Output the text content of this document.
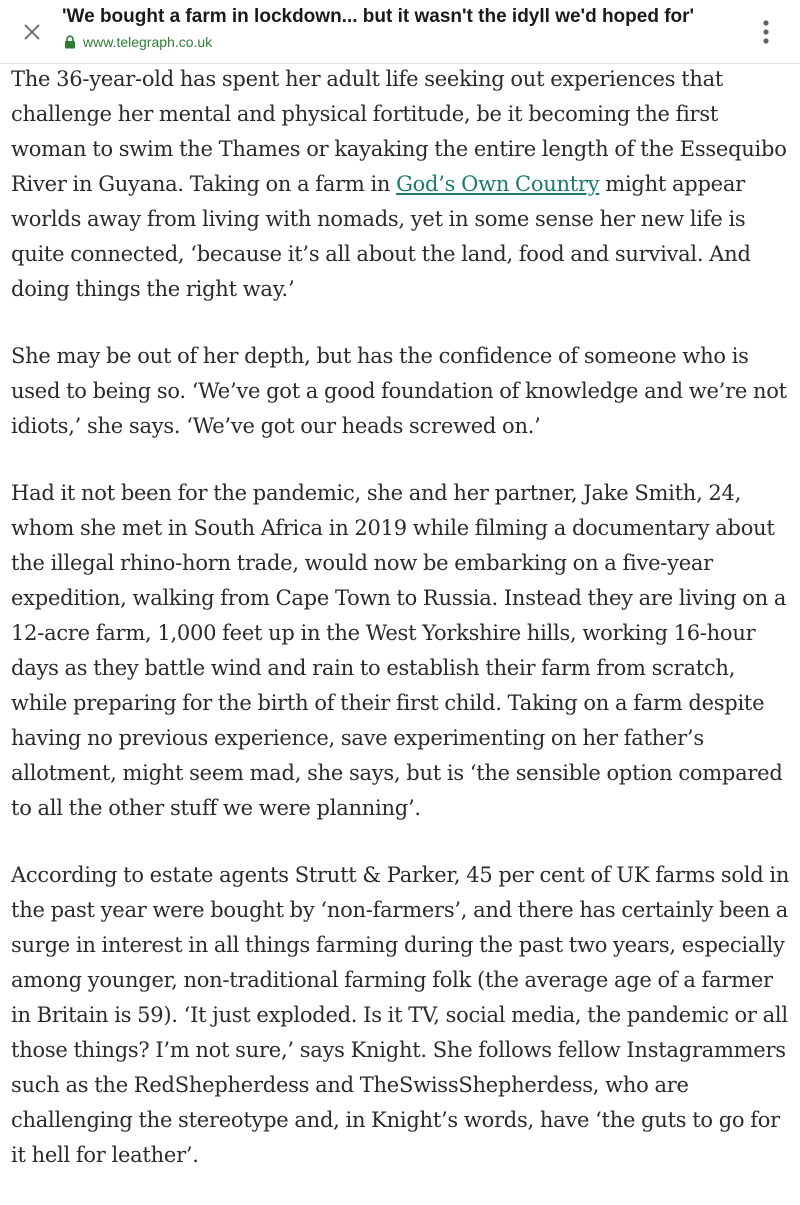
'We bought a farm in lockdown... but it wasn't the idyll we'd hoped for'
www.telegraph.co.uk

The 36-year-old has spent her adult life seeking out experiences that challenge her mental and physical fortitude, be it becoming the first woman to swim the Thames or kayaking the entire length of the Essequibo River in Guyana. Taking on a farm in God’s Own Country might appear worlds away from living with nomads, yet in some sense her new life is quite connected, ‘because it’s all about the land, food and survival. And doing things the right way.’

She may be out of her depth, but has the confidence of someone who is used to being so. ‘We’ve got a good foundation of knowledge and we’re not idiots,’ she says. ‘We’ve got our heads screwed on.’

Had it not been for the pandemic, she and her partner, Jake Smith, 24, whom she met in South Africa in 2019 while filming a documentary about the illegal rhino-horn trade, would now be embarking on a five-year expedition, walking from Cape Town to Russia. Instead they are living on a 12-acre farm, 1,000 feet up in the West Yorkshire hills, working 16-hour days as they battle wind and rain to establish their farm from scratch, while preparing for the birth of their first child. Taking on a farm despite having no previous experience, save experimenting on her father’s allotment, might seem mad, she says, but is ‘the sensible option compared to all the other stuff we were planning’.

According to estate agents Strutt & Parker, 45 per cent of UK farms sold in the past year were bought by ‘non-farmers’, and there has certainly been a surge in interest in all things farming during the past two years, especially among younger, non-traditional farming folk (the average age of a farmer in Britain is 59). ‘It just exploded. Is it TV, social media, the pandemic or all those things? I’m not sure,’ says Knight. She follows fellow Instagrammers such as the RedShepherdess and TheSwissShepherdess, who are challenging the stereotype and, in Knight’s words, have ‘the guts to go for it hell for leather’.
